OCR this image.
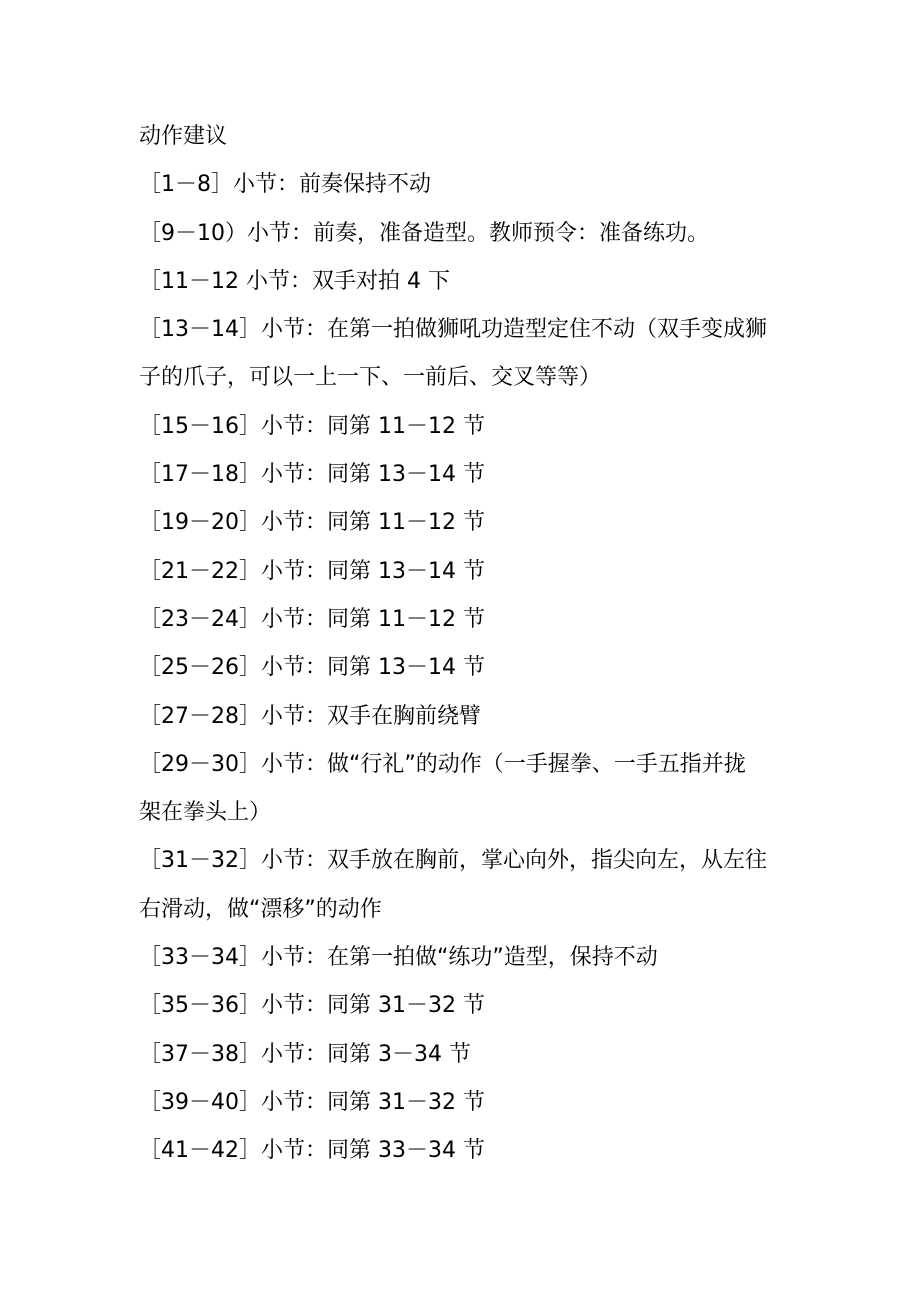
动作建议
［1－8］小节：前奏保持不动
［9－10）小节：前奏，准备造型。教师预令：准备练功。
［11－12 小节：双手对拍 4 下
［13－14］小节：在第一拍做狮吼功造型定住不动（双手变成狮
子的爪子，可以一上一下、一前后、交叉等等）
［15－16］小节：同第 11－12 节
［17－18］小节：同第 13－14 节
［19－20］小节：同第 11－12 节
［21－22］小节：同第 13－14 节
［23－24］小节：同第 11－12 节
［25－26］小节：同第 13－14 节
［27－28］小节：双手在胸前绕臂
［29－30］小节：做“行礼”的动作（一手握拳、一手五指并拢
架在拳头上）
［31－32］小节：双手放在胸前，掌心向外，指尖向左，从左往
右滑动，做“漂移”的动作
［33－34］小节：在第一拍做“练功”造型，保持不动
［35－36］小节：同第 31－32 节
［37－38］小节：同第 3－34 节
［39－40］小节：同第 31－32 节
［41－42］小节：同第 33－34 节
